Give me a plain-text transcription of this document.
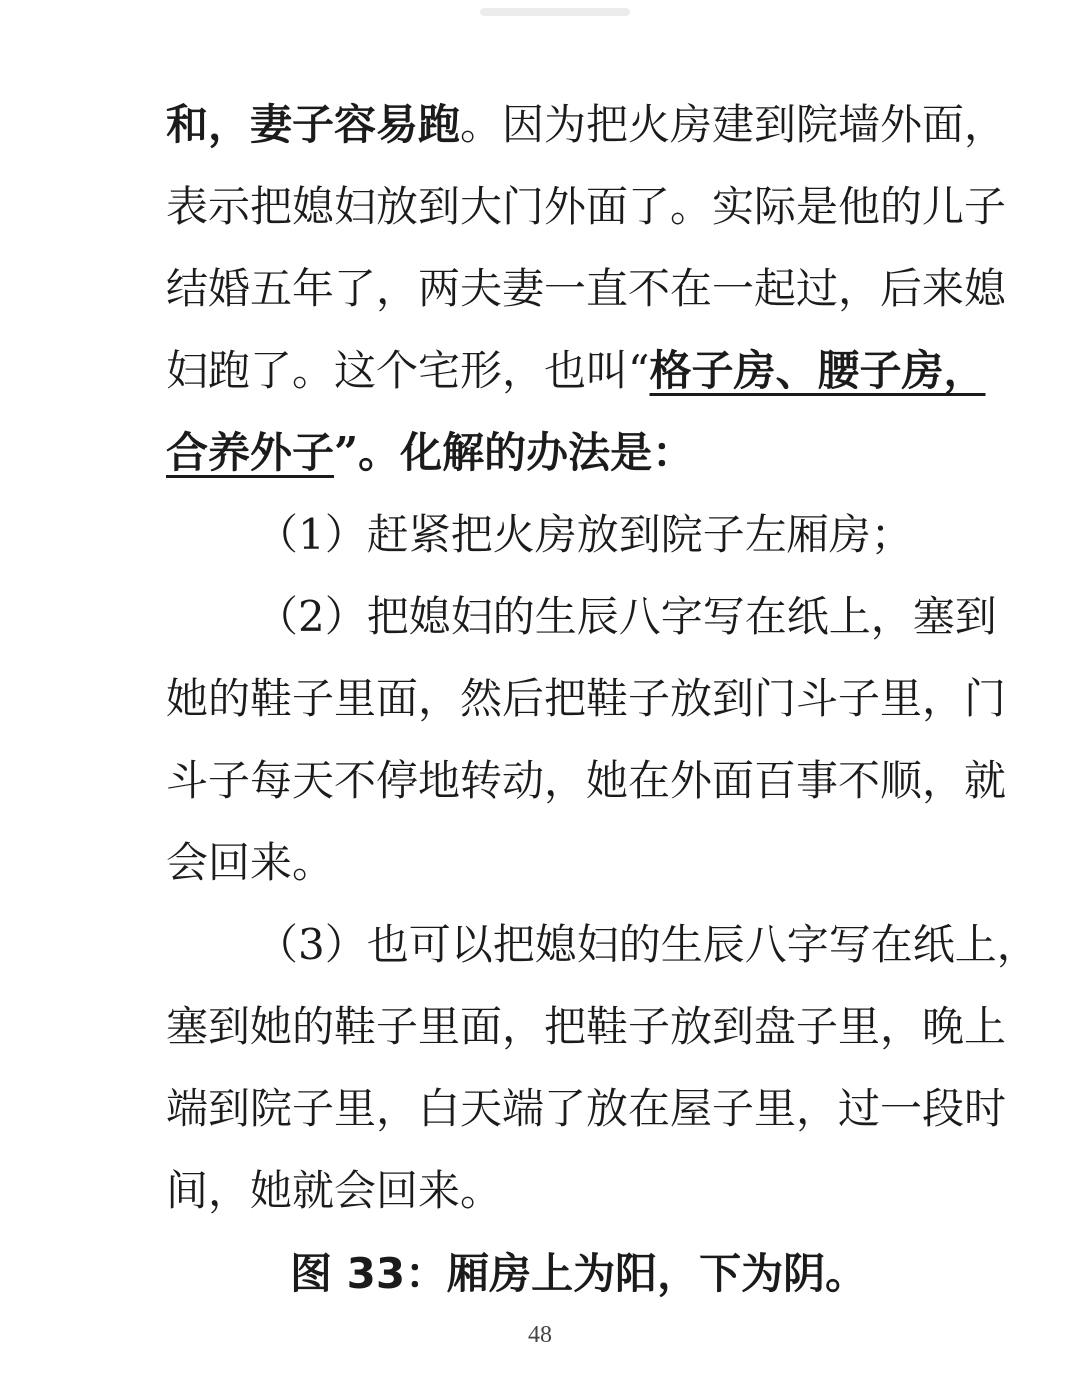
和，妻子容易跑。因为把火房建到院墙外面，
表示把媳妇放到大门外面了。实际是他的儿子
结婚五年了，两夫妻一直不在一起过，后来媳
妇跑了。这个宅形，也叫“格子房、腰子房，
合养外子”。化解的办法是：
（1）赶紧把火房放到院子左厢房；
（2）把媳妇的生辰八字写在纸上，塞到
她的鞋子里面，然后把鞋子放到门斗子里，门
斗子每天不停地转动，她在外面百事不顺，就
会回来。
（3）也可以把媳妇的生辰八字写在纸上，
塞到她的鞋子里面，把鞋子放到盘子里，晚上
端到院子里，白天端了放在屋子里，过一段时
间，她就会回来。
图 33：厢房上为阳，下为阴。
48
